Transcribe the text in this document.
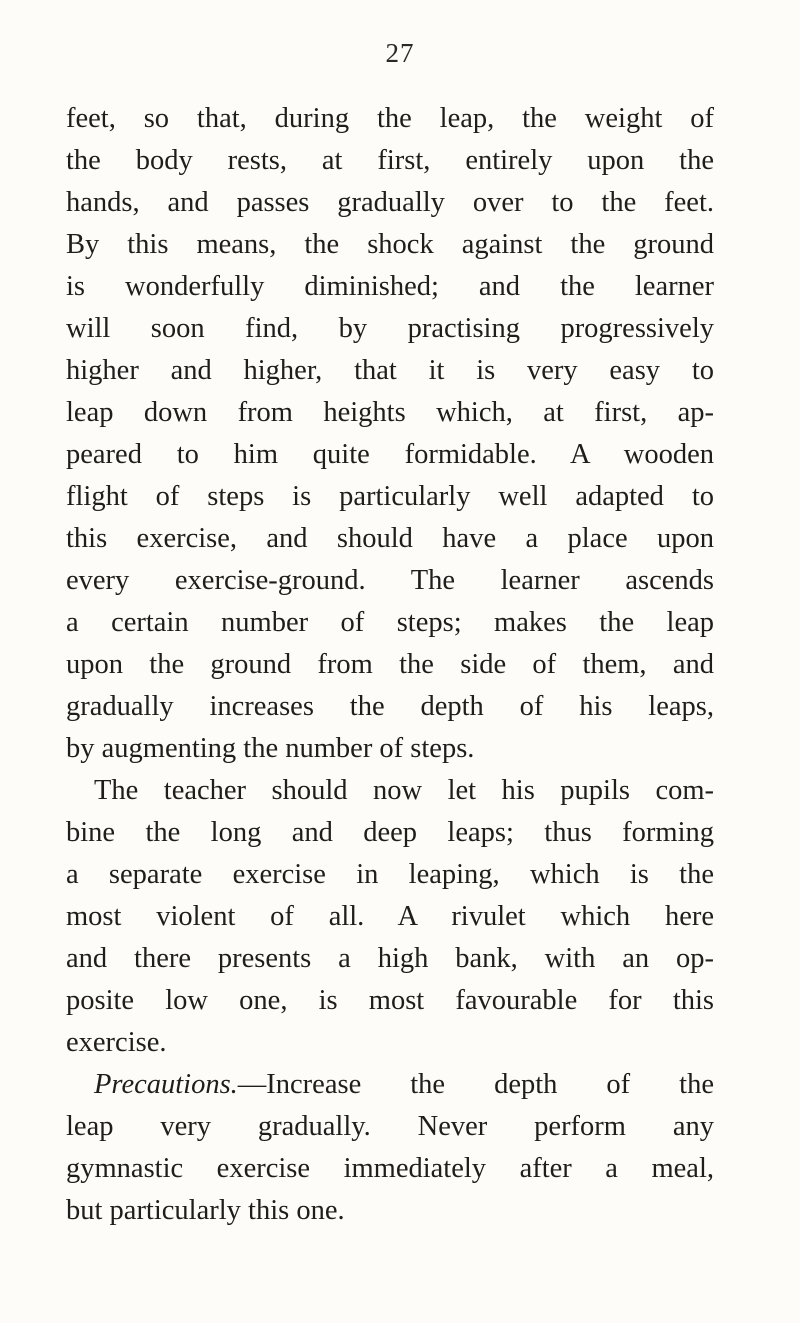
27
feet, so that, during the leap, the weight of
the body rests, at first, entirely upon the
hands, and passes gradually over to the feet.
By this means, the shock against the ground
is wonderfully diminished; and the learner
will soon find, by practising progressively
higher and higher, that it is very easy to
leap down from heights which, at first, ap-
peared to him quite formidable. A wooden
flight of steps is particularly well adapted to
this exercise, and should have a place upon
every exercise-ground. The learner ascends
a certain number of steps; makes the leap
upon the ground from the side of them, and
gradually increases the depth of his leaps,
by augmenting the number of steps.
The teacher should now let his pupils com-
bine the long and deep leaps; thus forming
a separate exercise in leaping, which is the
most violent of all. A rivulet which here
and there presents a high bank, with an op-
posite low one, is most favourable for this
exercise.
Precautions.—Increase the depth of the
leap very gradually. Never perform any
gymnastic exercise immediately after a meal,
but particularly this one.
